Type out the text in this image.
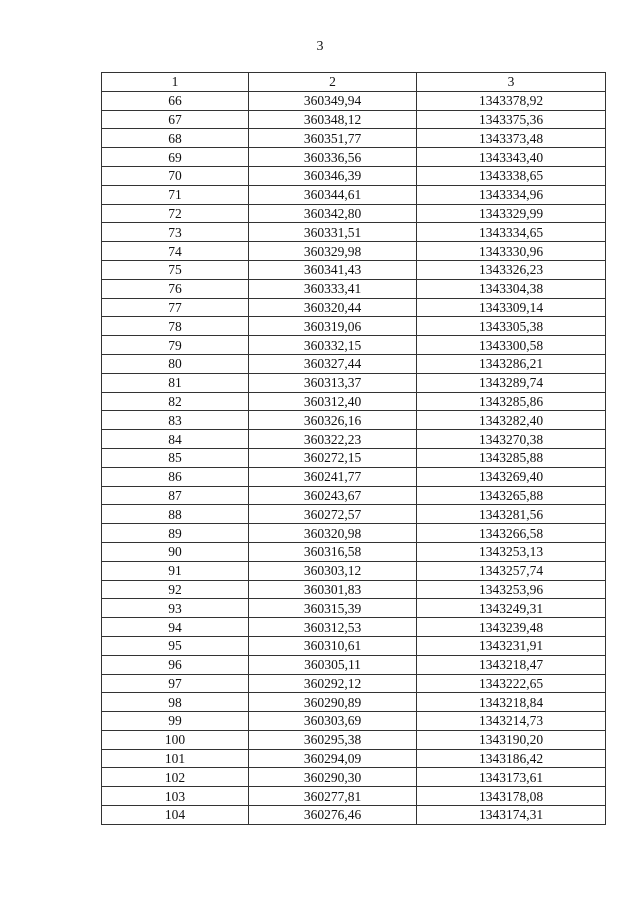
3
1	2	3
66	360349,94	1343378,92
67	360348,12	1343375,36
68	360351,77	1343373,48
69	360336,56	1343343,40
70	360346,39	1343338,65
71	360344,61	1343334,96
72	360342,80	1343329,99
73	360331,51	1343334,65
74	360329,98	1343330,96
75	360341,43	1343326,23
76	360333,41	1343304,38
77	360320,44	1343309,14
78	360319,06	1343305,38
79	360332,15	1343300,58
80	360327,44	1343286,21
81	360313,37	1343289,74
82	360312,40	1343285,86
83	360326,16	1343282,40
84	360322,23	1343270,38
85	360272,15	1343285,88
86	360241,77	1343269,40
87	360243,67	1343265,88
88	360272,57	1343281,56
89	360320,98	1343266,58
90	360316,58	1343253,13
91	360303,12	1343257,74
92	360301,83	1343253,96
93	360315,39	1343249,31
94	360312,53	1343239,48
95	360310,61	1343231,91
96	360305,11	1343218,47
97	360292,12	1343222,65
98	360290,89	1343218,84
99	360303,69	1343214,73
100	360295,38	1343190,20
101	360294,09	1343186,42
102	360290,30	1343173,61
103	360277,81	1343178,08
104	360276,46	1343174,31
